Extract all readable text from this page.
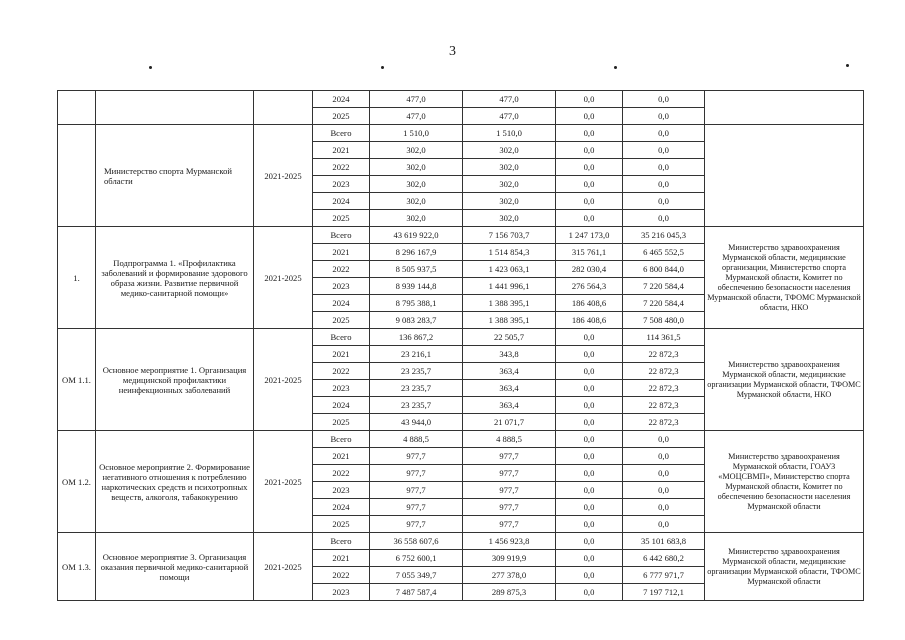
3
			2024	477,0	477,0	0,0	0,0	
			2025	477,0	477,0	0,0	0,0	
	Министерство спорта Мурманской области	2021-2025	Всего	1 510,0	1 510,0	0,0	0,0	
			2021	302,0	302,0	0,0	0,0	
			2022	302,0	302,0	0,0	0,0	
			2023	302,0	302,0	0,0	0,0	
			2024	302,0	302,0	0,0	0,0	
			2025	302,0	302,0	0,0	0,0	
1.	Подпрограмма 1. «Профилактика заболеваний и формирование здорового образа жизни. Развитие первичной медико-санитарной помощи»	2021-2025	Всего	43 619 922,0	7 156 703,7	1 247 173,0	35 216 045,3	Министерство здравоохранения Мурманской области, медицинские организации, Министерство спорта Мурманской области, Комитет по обеспечению безопасности населения Мурманской области, ТФОМС Мурманской области, НКО
			2021	8 296 167,9	1 514 854,3	315 761,1	6 465 552,5	
			2022	8 505 937,5	1 423 063,1	282 030,4	6 800 844,0	
			2023	8 939 144,8	1 441 996,1	276 564,3	7 220 584,4	
			2024	8 795 388,1	1 388 395,1	186 408,6	7 220 584,4	
			2025	9 083 283,7	1 388 395,1	186 408,6	7 508 480,0	
ОМ 1.1.	Основное мероприятие 1. Организация медицинской профилактики неинфекционных заболеваний	2021-2025	Всего	136 867,2	22 505,7	0,0	114 361,5	Министерство здравоохранения Мурманской области, медицинские организации Мурманской области, ТФОМС Мурманской области, НКО
			2021	23 216,1	343,8	0,0	22 872,3	
			2022	23 235,7	363,4	0,0	22 872,3	
			2023	23 235,7	363,4	0,0	22 872,3	
			2024	23 235,7	363,4	0,0	22 872,3	
			2025	43 944,0	21 071,7	0,0	22 872,3	
ОМ 1.2.	Основное мероприятие 2. Формирование негативного отношения к потреблению наркотических средств и психотропных веществ, алкоголя, табакокурению	2021-2025	Всего	4 888,5	4 888,5	0,0	0,0	Министерство здравоохранения Мурманской области, ГОАУЗ «МОЦСВМП», Министерство спорта Мурманской области, Комитет по обеспечению безопасности населения Мурманской области
			2021	977,7	977,7	0,0	0,0	
			2022	977,7	977,7	0,0	0,0	
			2023	977,7	977,7	0,0	0,0	
			2024	977,7	977,7	0,0	0,0	
			2025	977,7	977,7	0,0	0,0	
ОМ 1.3.	Основное мероприятие 3. Организация оказания первичной медико-санитарной помощи	2021-2025	Всего	36 558 607,6	1 456 923,8	0,0	35 101 683,8	Министерство здравоохранения Мурманской области, медицинские организации Мурманской области, ТФОМС Мурманской области
			2021	6 752 600,1	309 919,9	0,0	6 442 680,2	
			2022	7 055 349,7	277 378,0	0,0	6 777 971,7	
			2023	7 487 587,4	289 875,3	0,0	7 197 712,1	
